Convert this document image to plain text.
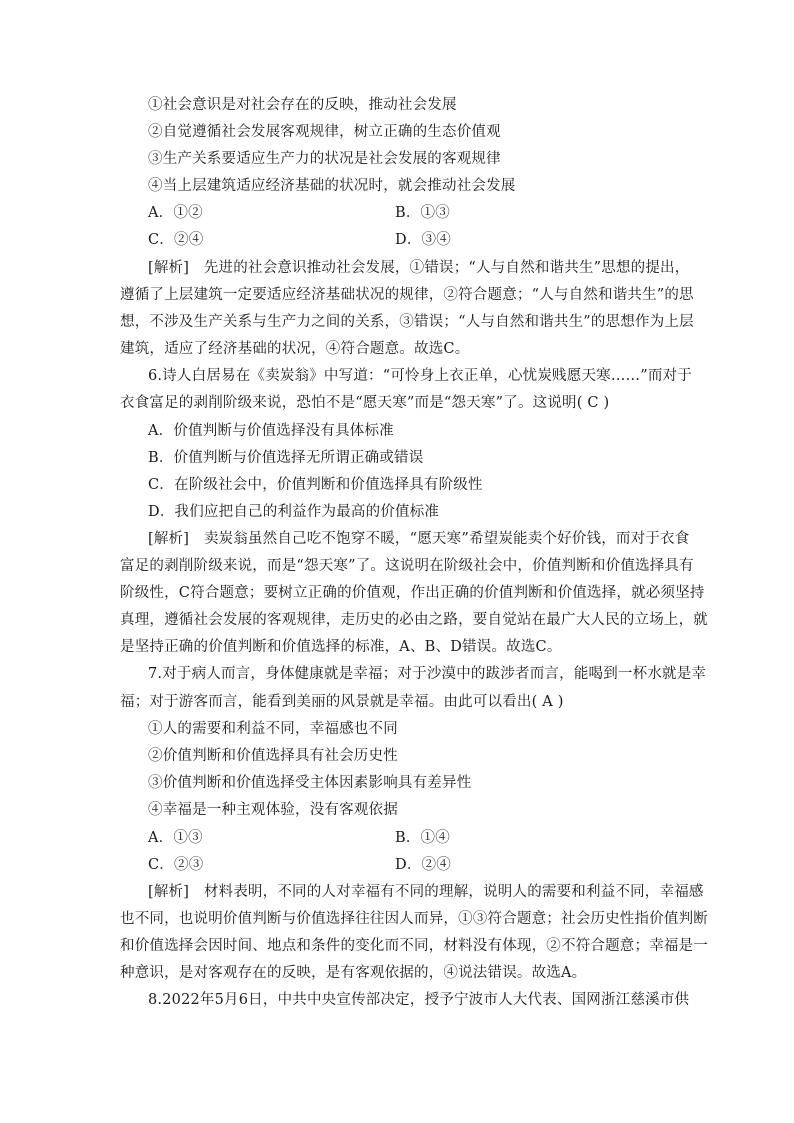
①社会意识是对社会存在的反映，推动社会发展
②自觉遵循社会发展客观规律，树立正确的生态价值观
③生产关系要适应生产力的状况是社会发展的客观规律
④当上层建筑适应经济基础的状况时，就会推动社会发展
A．①②	B．①③
C．②④	D．③④
[解析]　先进的社会意识推动社会发展，①错误；“人与自然和谐共生”思想的提出，
遵循了上层建筑一定要适应经济基础状况的规律，②符合题意；“人与自然和谐共生”的思
想，不涉及生产关系与生产力之间的关系，③错误；“人与自然和谐共生”的思想作为上层
建筑，适应了经济基础的状况，④符合题意。故选C。
6.诗人白居易在《卖炭翁》中写道：“可怜身上衣正单，心忧炭贱愿天寒……”而对于
衣食富足的剥削阶级来说，恐怕不是“愿天寒”而是“怨天寒”了。这说明( C )
A．价值判断与价值选择没有具体标准
B．价值判断与价值选择无所谓正确或错误
C．在阶级社会中，价值判断和价值选择具有阶级性
D．我们应把自己的利益作为最高的价值标准
[解析]　卖炭翁虽然自己吃不饱穿不暖，“愿天寒”希望炭能卖个好价钱，而对于衣食
富足的剥削阶级来说，而是“怨天寒”了。这说明在阶级社会中，价值判断和价值选择具有
阶级性，C符合题意；要树立正确的价值观，作出正确的价值判断和价值选择，就必须坚持
真理，遵循社会发展的客观规律，走历史的必由之路，要自觉站在最广大人民的立场上，就
是坚持正确的价值判断和价值选择的标准，A、B、D错误。故选C。
7.对于病人而言，身体健康就是幸福；对于沙漠中的跋涉者而言，能喝到一杯水就是幸
福；对于游客而言，能看到美丽的风景就是幸福。由此可以看出( A )
①人的需要和利益不同，幸福感也不同
②价值判断和价值选择具有社会历史性
③价值判断和价值选择受主体因素影响具有差异性
④幸福是一种主观体验，没有客观依据
A．①③	B．①④
C．②③	D．②④
[解析]　材料表明，不同的人对幸福有不同的理解，说明人的需要和利益不同，幸福感
也不同，也说明价值判断与价值选择往往因人而异，①③符合题意；社会历史性指价值判断
和价值选择会因时间、地点和条件的变化而不同，材料没有体现，②不符合题意；幸福是一
种意识，是对客观存在的反映，是有客观依据的，④说法错误。故选A。
8.2022年5月6日，中共中央宣传部决定，授予宁波市人大代表、国网浙江慈溪市供
